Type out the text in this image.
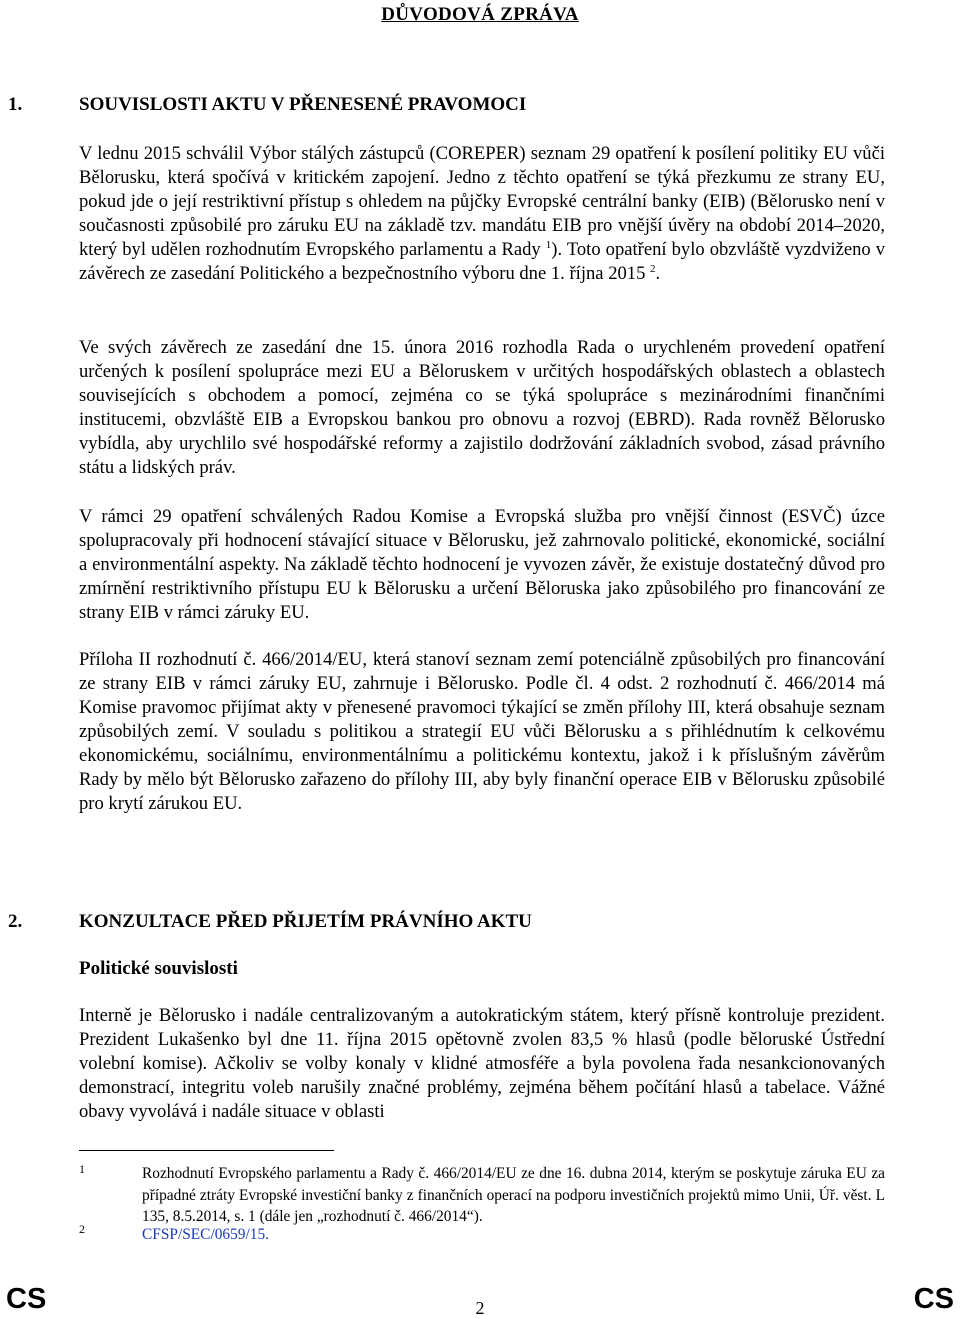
DŮVODOVÁ ZPRÁVA
1.	SOUVISLOSTI AKTU V PŘENESENÉ PRAVOMOCI

V lednu 2015 schválil Výbor stálých zástupců (COREPER) seznam 29 opatření k posílení politiky EU vůči Bělorusku, která spočívá v kritickém zapojení. Jedno z těchto opatření se týká přezkumu ze strany EU, pokud jde o její restriktivní přístup s ohledem na půjčky Evropské centrální banky (EIB) (Bělorusko není v současnosti způsobilé pro záruku EU na základě tzv. mandátu EIB pro vnější úvěry na období 2014–2020, který byl udělen rozhodnutím Evropského parlamentu a Rady $^1$). Toto opatření bylo obzvláště vyzdviženo v závěrech ze zasedání Politického a bezpečnostního výboru dne 1. října 2015 $^2$.

Ve svých závěrech ze zasedání dne 15. února 2016 rozhodla Rada o urychleném provedení opatření určených k posílení spolupráce mezi EU a Běloruskem v určitých hospodářských oblastech a oblastech souvisejících s obchodem a pomocí, zejména co se týká spolupráce s mezinárodními finančními institucemi, obzvláště EIB a Evropskou bankou pro obnovu a rozvoj (EBRD). Rada rovněž Bělorusko vybídla, aby urychlilo své hospodářské reformy a zajistilo dodržování základních svobod, zásad právního státu a lidských práv.

V rámci 29 opatření schválených Radou Komise a Evropská služba pro vnější činnost (ESVČ) úzce spolupracovaly při hodnocení stávající situace v Bělorusku, jež zahrnovalo politické, ekonomické, sociální a environmentální aspekty. Na základě těchto hodnocení je vyvozen závěr, že existuje dostatečný důvod pro zmírnění restriktivního přístupu EU k Bělorusku a určení Běloruska jako způsobilého pro financování ze strany EIB v rámci záruky EU.

Příloha II rozhodnutí č. 466/2014/EU, která stanoví seznam zemí potenciálně způsobilých pro financování ze strany EIB v rámci záruky EU, zahrnuje i Bělorusko. Podle čl. 4 odst. 2 rozhodnutí č. 466/2014 má Komise pravomoc přijímat akty v přenesené pravomoci týkající se změn přílohy III, která obsahuje seznam způsobilých zemí. V souladu s politikou a strategií EU vůči Bělorusku a s přihlédnutím k celkovému ekonomickému, sociálnímu, environmentálnímu a politickému kontextu, jakož i k příslušným závěrům Rady by mělo být Bělorusko zařazeno do přílohy III, aby byly finanční operace EIB v Bělorusku způsobilé pro krytí zárukou EU.

2.	KONZULTACE PŘED PŘIJETÍM PRÁVNÍHO AKTU
Politické souvislosti

Interně je Bělorusko i nadále centralizovaným a autokratickým státem, který přísně kontroluje prezident. Prezident Lukašenko byl dne 11. října 2015 opětovně zvolen 83,5 % hlasů (podle běloruské Ústřední volební komise). Ačkoliv se volby konaly v klidné atmosféře a byla povolena řada nesankcionovaných demonstrací, integritu voleb narušily značné problémy, zejména během počítání hlasů a tabelace. Vážné obavy vyvolává i nadále situace v oblasti

1	Rozhodnutí Evropského parlamentu a Rady č. 466/2014/EU ze dne 16. dubna 2014, kterým se poskytuje záruka EU za případné ztráty Evropské investiční banky z finančních operací na podporu investičních projektů mimo Unii, Úř. věst. L 135, 8.5.2014, s. 1 (dále jen „rozhodnutí č. 466/2014“).

2	CFSP/SEC/0659/15.

CS	2	CS
